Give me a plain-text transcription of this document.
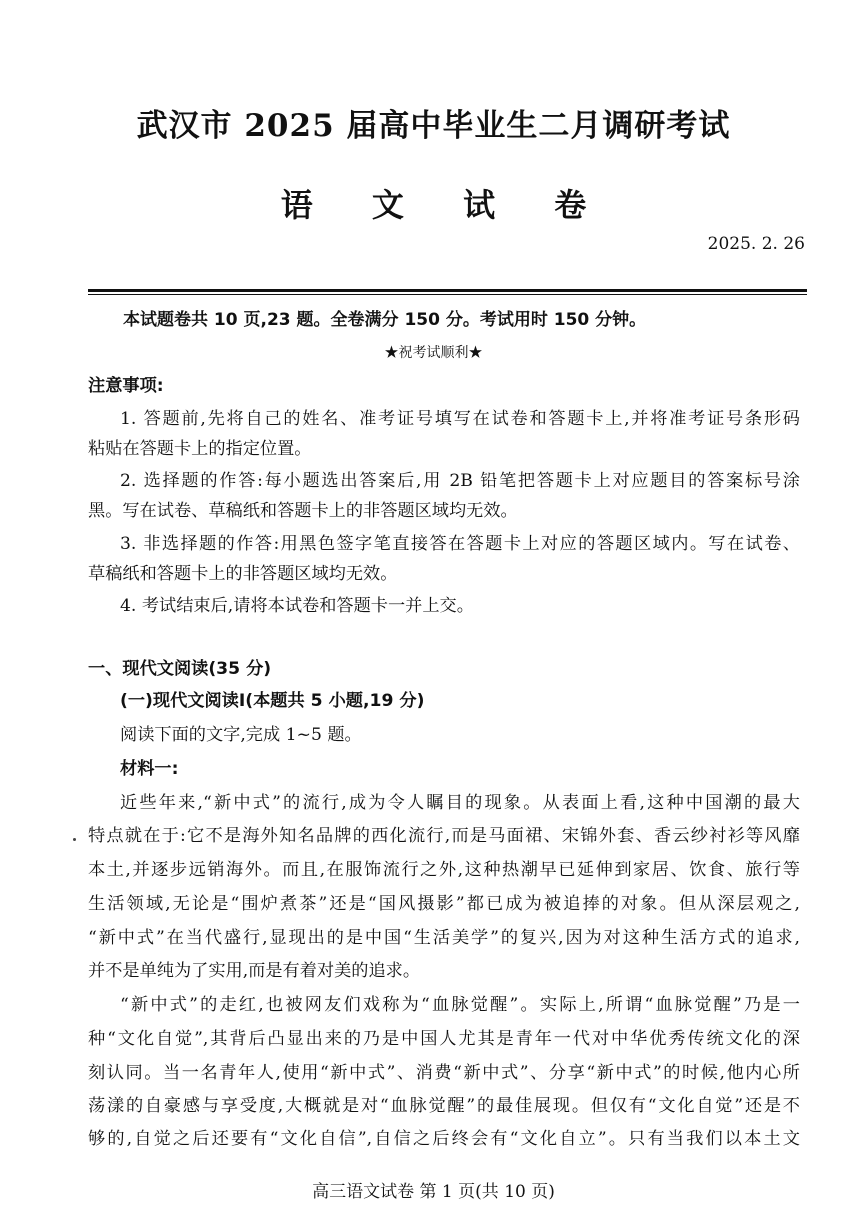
武汉市 2025 届高中毕业生二月调研考试
语 文 试 卷
2025. 2. 26
本试题卷共 10 页,23 题。全卷满分 150 分。考试用时 150 分钟。
★祝考试顺利★
注意事项:
1. 答题前,先将自己的姓名、准考证号填写在试卷和答题卡上,并将准考证号条形码
粘贴在答题卡上的指定位置。
2. 选择题的作答:每小题选出答案后,用 2B 铅笔把答题卡上对应题目的答案标号涂
黑。写在试卷、草稿纸和答题卡上的非答题区域均无效。
3. 非选择题的作答:用黑色签字笔直接答在答题卡上对应的答题区域内。写在试卷、
草稿纸和答题卡上的非答题区域均无效。
4. 考试结束后,请将本试卷和答题卡一并上交。
一、现代文阅读(35 分)
(一)现代文阅读Ⅰ(本题共 5 小题,19 分)
阅读下面的文字,完成 1~5 题。
材料一:
近些年来,“新中式”的流行,成为令人瞩目的现象。从表面上看,这种中国潮的最大
特点就在于:它不是海外知名品牌的西化流行,而是马面裙、宋锦外套、香云纱衬衫等风靡
本土,并逐步远销海外。而且,在服饰流行之外,这种热潮早已延伸到家居、饮食、旅行等
生活领域,无论是“围炉煮茶”还是“国风摄影”都已成为被追捧的对象。但从深层观之,
“新中式”在当代盛行,显现出的是中国“生活美学”的复兴,因为对这种生活方式的追求,
并不是单纯为了实用,而是有着对美的追求。
“新中式”的走红,也被网友们戏称为“血脉觉醒”。实际上,所谓“血脉觉醒”乃是一
种“文化自觉”,其背后凸显出来的乃是中国人尤其是青年一代对中华优秀传统文化的深
刻认同。当一名青年人,使用“新中式”、消费“新中式”、分享“新中式”的时候,他内心所
荡漾的自豪感与享受度,大概就是对“血脉觉醒”的最佳展现。但仅有“文化自觉”还是不
够的,自觉之后还要有“文化自信”,自信之后终会有“文化自立”。只有当我们以本土文
高三语文试卷 第 1 页(共 10 页)
